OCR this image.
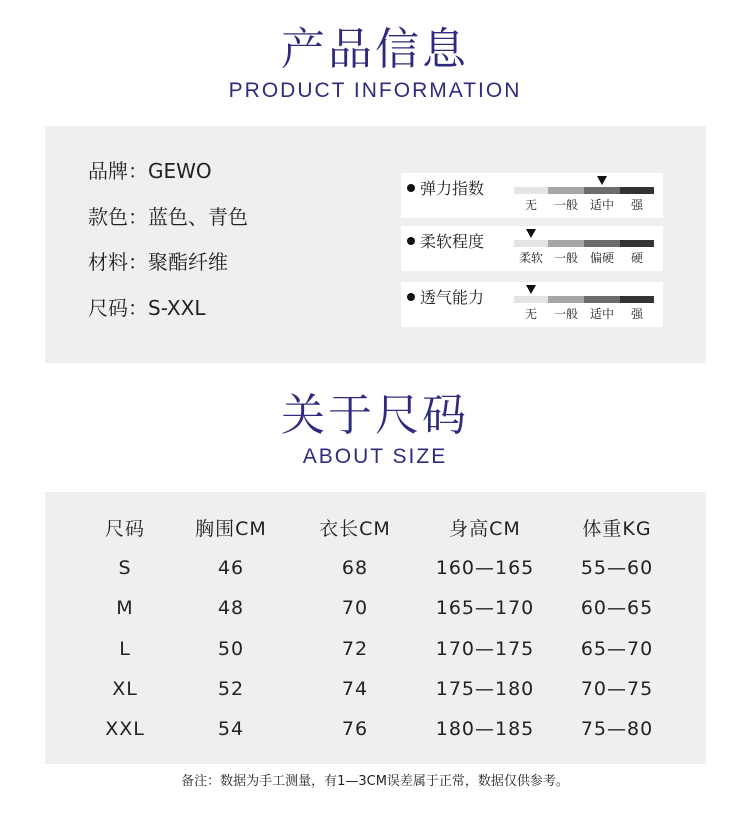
产品信息
PRODUCT INFORMATION
品牌：GEWO
款色：蓝色、青色
材料：聚酯纤维
尺码：S-XXL
弹力指数
无	一般 适中	强
柔软程度
柔软 一般 偏硬	硬
透气能力
无	一般 适中	强
关于尺码
ABOUT SIZE
尺码	胸围CM	衣长CM	身高CM	体重KG
S	46	68	160—165	55—60
M	48	70	165—170	60—65
L	50	72	170—175	65—70
XL	52	74	175—180	70—75
XXL	54	76	180—185	75—80
备注：数据为手工测量，有1—3CM误差属于正常，数据仅供参考。
